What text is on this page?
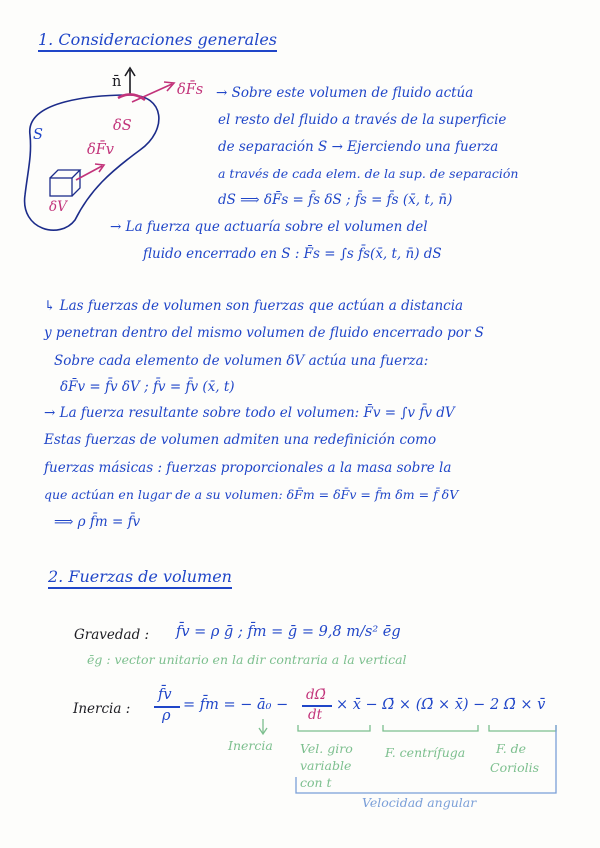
1. Consideraciones generales
n̄	δF̄s
δS
S
δF̄v
δV
→ Sobre este volumen de fluido actúa
el resto del fluido a través de la superficie
de separación S → Ejerciendo una fuerza
a través de cada elem. de la sup. de separación
dS ⟹ δF̄s = f̄s δS ; f̄s = f̄s (x̄, t, n̄)
→ La fuerza que actuaría sobre el volumen del
fluido encerrado en S : F̄s = ∫s f̄s(x̄, t, n̄) dS
↳ Las fuerzas de volumen son fuerzas que actúan a distancia
y penetran dentro del mismo volumen de fluido encerrado por S
Sobre cada elemento de volumen δV actúa una fuerza:
δF̄v = f̄v δV ; f̄v = f̄v (x̄, t)
→ La fuerza resultante sobre todo el volumen: F̄v = ∫v f̄v dV
Estas fuerzas de volumen admiten una redefinición como
fuerzas másicas : fuerzas proporcionales a la masa sobre la
que actúan en lugar de a su volumen: δF̄m = δF̄v = f̄m δm = f̄ δV
⟹ ρ f̄m = f̄v
2. Fuerzas de volumen
Gravedad : f̄v = ρ ḡ ; f̄m = ḡ = 9,8 m/s² ēg
ēg : vector unitario en la dir contraria a la vertical
Inercia :
f̄v
ρ
= f̄m = − ā₀ −
dΩ̄
dt
× x̄ − Ω̄ × (Ω̄ × x̄) − 2 Ω̄ × v̄
Inercia Vel. giro
variable
con t
F. centrífuga F. de
Coriolis
Velocidad angular
